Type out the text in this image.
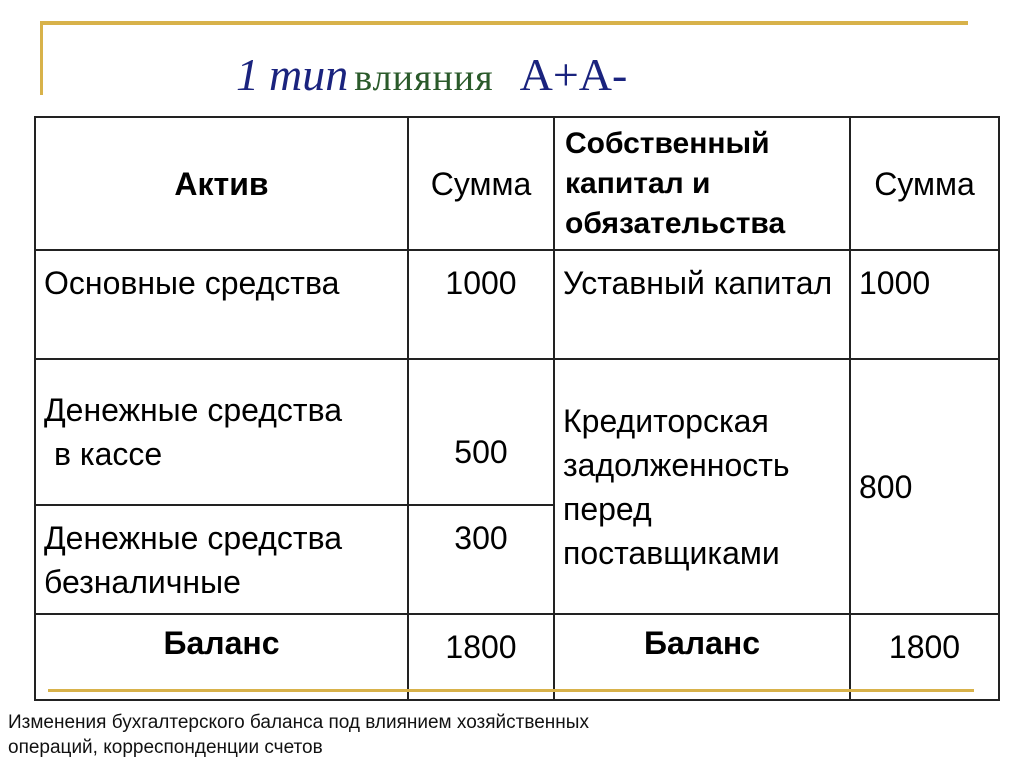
1 тип влияния А+А-
Актив	Сумма	Собственный капитал и обязательства	Сумма
Основные средства	1000	Уставный капитал	1000
Денежные средства
в кассе	500	Кредиторская задолженность перед поставщиками	800
Денежные средства безналичные	300		
Баланс	1800	Баланс	1800
Изменения бухгалтерского баланса под влиянием хозяйственных операций, корреспонденции счетов
